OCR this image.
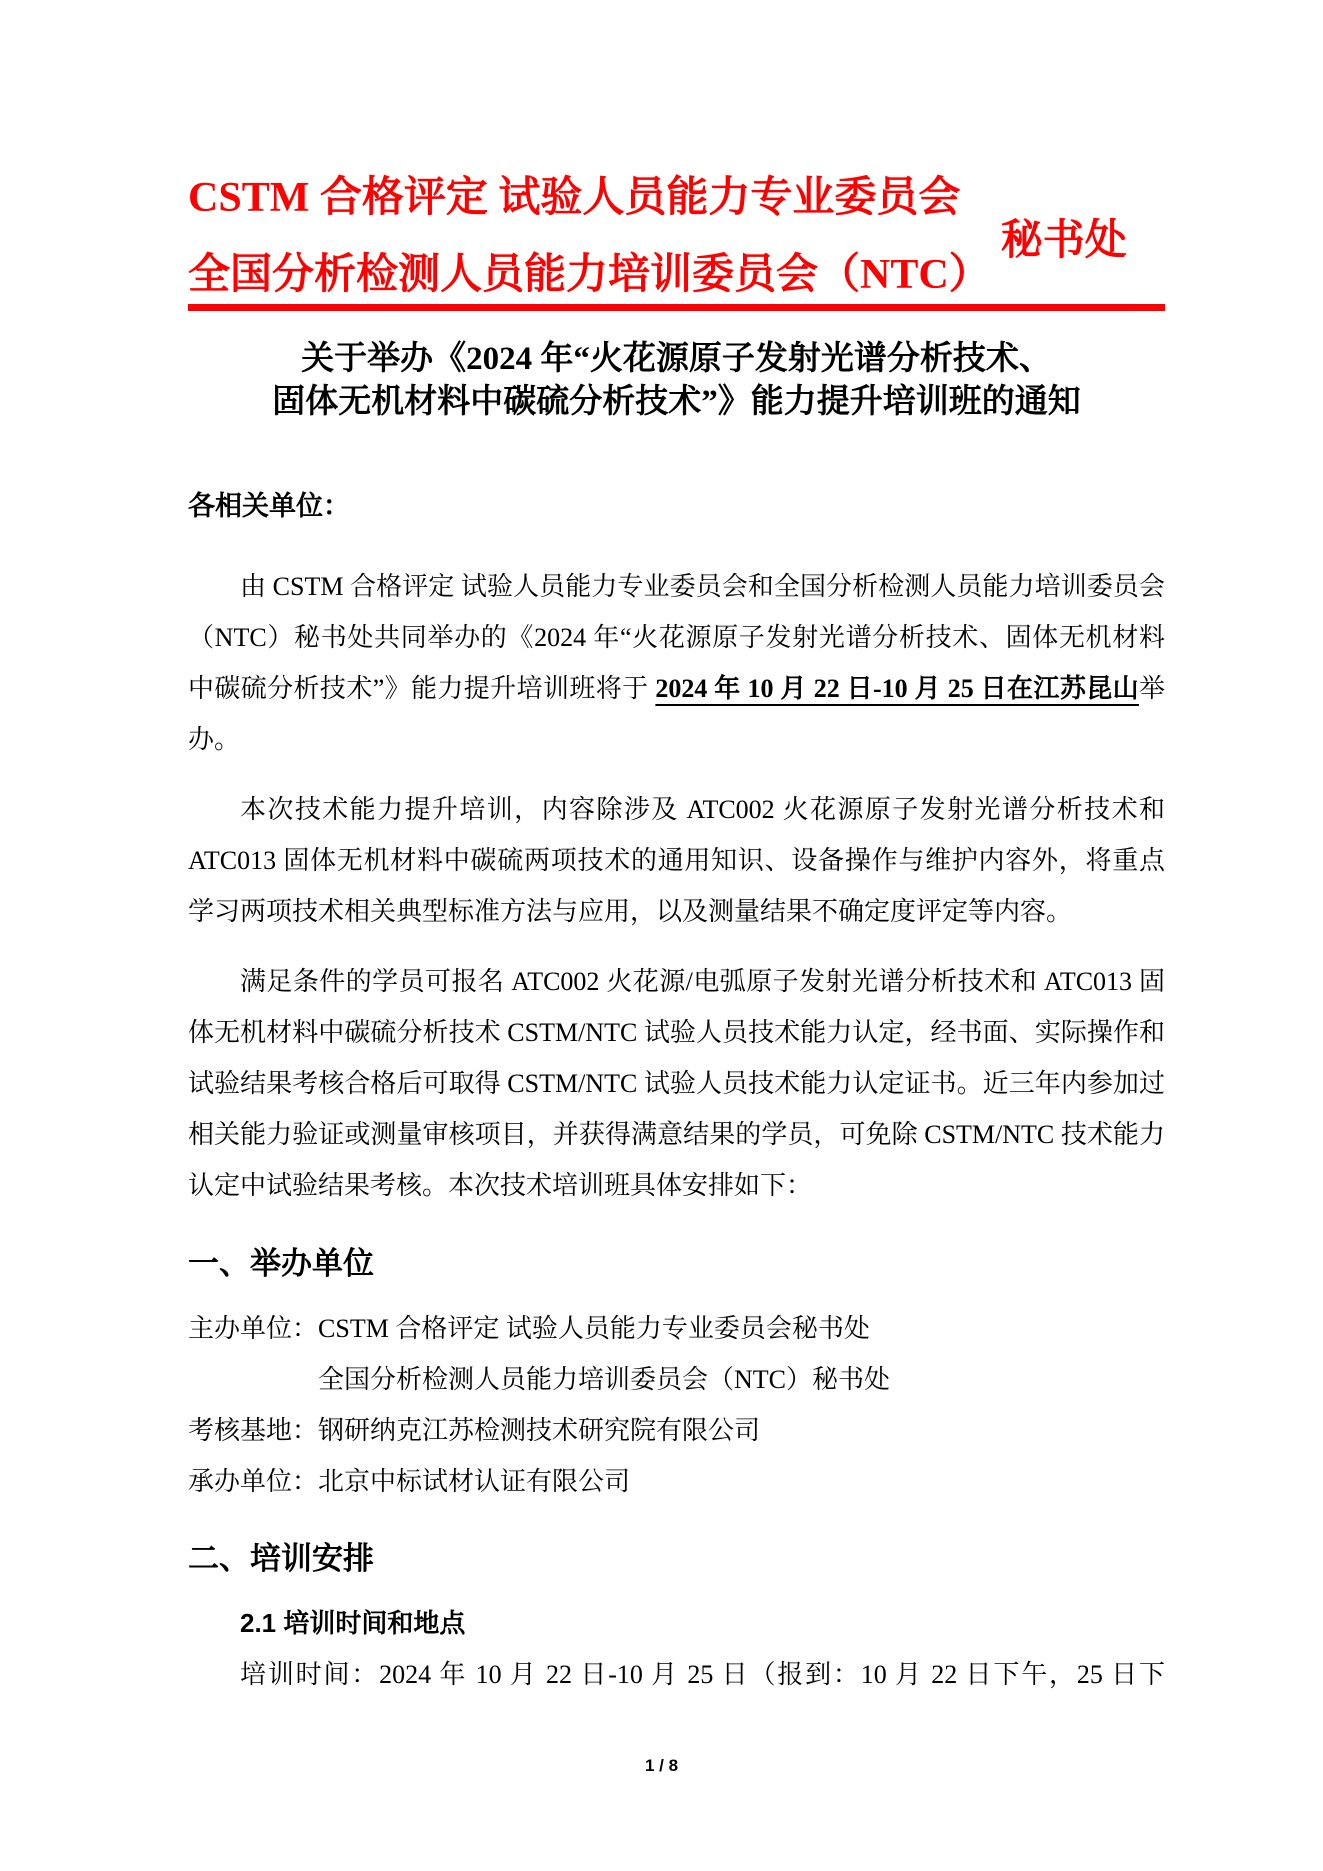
CSTM 合格评定 试验人员能力专业委员会
全国分析检测人员能力培训委员会（NTC）
秘书处
关于举办《2024 年“火花源原子发射光谱分析技术、
固体无机材料中碳硫分析技术”》能力提升培训班的通知
各相关单位：

由 CSTM 合格评定 试验人员能力专业委员会和全国分析检测人员能力培训委员会（NTC）秘书处共同举办的《2024 年“火花源原子发射光谱分析技术、固体无机材料中碳硫分析技术”》能力提升培训班将于 2024 年 10 月 22 日-10 月 25 日在江苏昆山举办。

本次技术能力提升培训，内容除涉及 ATC002 火花源原子发射光谱分析技术和 ATC013 固体无机材料中碳硫两项技术的通用知识、设备操作与维护内容外，将重点学习两项技术相关典型标准方法与应用，以及测量结果不确定度评定等内容。

满足条件的学员可报名 ATC002 火花源/电弧原子发射光谱分析技术和 ATC013 固体无机材料中碳硫分析技术 CSTM/NTC 试验人员技术能力认定，经书面、实际操作和试验结果考核合格后可取得 CSTM/NTC 试验人员技术能力认定证书。近三年内参加过相关能力验证或测量审核项目，并获得满意结果的学员，可免除 CSTM/NTC 技术能力认定中试验结果考核。本次技术培训班具体安排如下：

一、举办单位
主办单位：CSTM 合格评定 试验人员能力专业委员会秘书处
全国分析检测人员能力培训委员会（NTC）秘书处
考核基地：钢研纳克江苏检测技术研究院有限公司
承办单位：北京中标试材认证有限公司
二、培训安排
2.1 培训时间和地点

培训时间：2024 年 10 月 22 日-10 月 25 日（报到：10 月 22 日下午，25 日下

1 / 8
